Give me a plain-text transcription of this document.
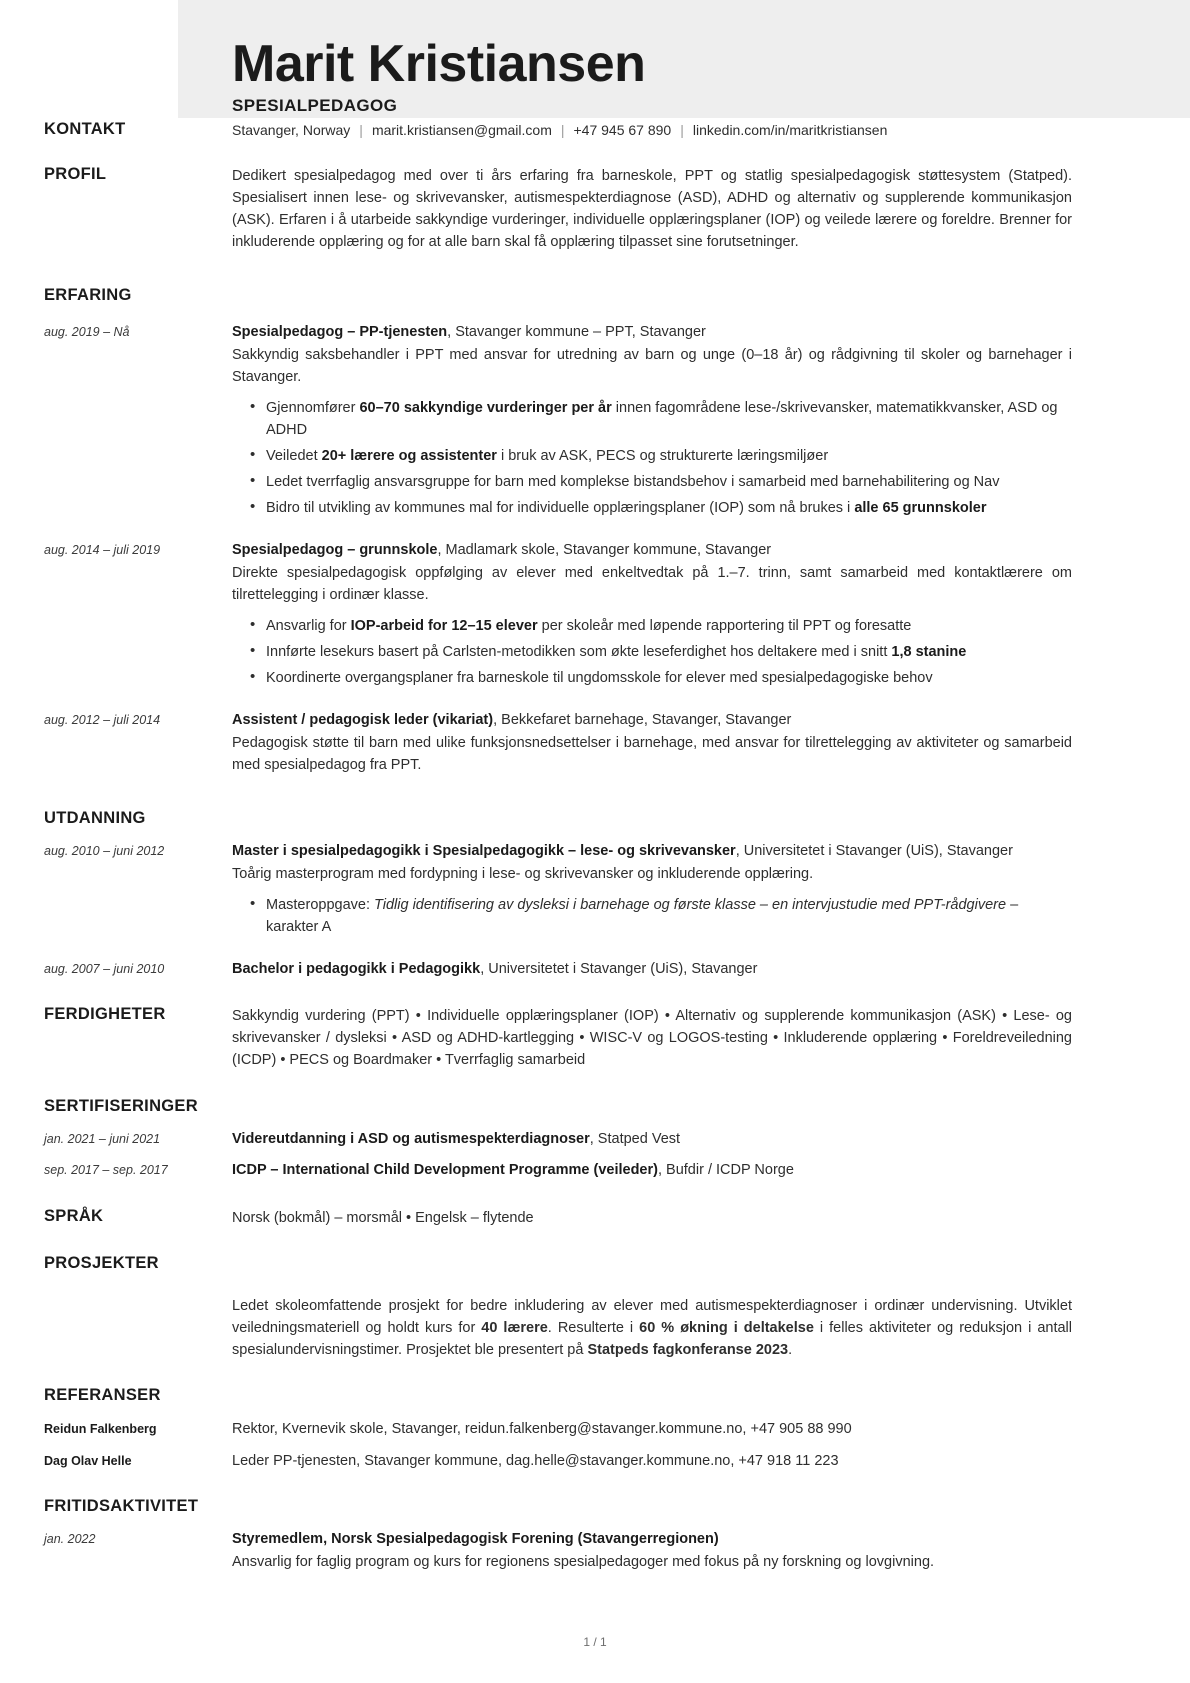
Marit Kristiansen
SPESIALPEDAGOG
KONTAKT	Stavanger, Norway | marit.kristiansen@gmail.com | +47 945 67 890 | linkedin.com/in/maritkristiansen
PROFIL	Dedikert spesialpedagog med over ti års erfaring fra barneskole, PPT og statlig spesialpedagogisk støttesystem (Statped). Spesialisert innen lese- og skrivevansker, autismespekterdiagnose (ASD), ADHD og alternativ og supplerende kommunikasjon (ASK). Erfaren i å utarbeide sakkyndige vurderinger, individuelle opplæringsplaner (IOP) og veilede lærere og foreldre. Brenner for inkluderende opplæring og for at alle barn skal få opplæring tilpasset sine forutsetninger.
ERFARING
aug. 2019 – Nå	Spesialpedagog – PP-tjenesten, Stavanger kommune – PPT, Stavanger
Sakkyndig saksbehandler i PPT med ansvar for utredning av barn og unge (0–18 år) og rådgivning til skoler og barnehager i Stavanger.
• Gjennomfører 60–70 sakkyndige vurderinger per år innen fagområdene lese-/skrivevansker, matematikkvansker, ASD og ADHD
• Veiledet 20+ lærere og assistenter i bruk av ASK, PECS og strukturerte læringsmiljøer
• Ledet tverrfaglig ansvarsgruppe for barn med komplekse bistandsbehov i samarbeid med barnehabilitering og Nav
• Bidro til utvikling av kommunes mal for individuelle opplæringsplaner (IOP) som nå brukes i alle 65 grunnskoler
aug. 2014 – juli 2019	Spesialpedagog – grunnskole, Madlamark skole, Stavanger kommune, Stavanger
Direkte spesialpedagogisk oppfølging av elever med enkeltvedtak på 1.–7. trinn, samt samarbeid med kontaktlærere om tilrettelegging i ordinær klasse.
• Ansvarlig for IOP-arbeid for 12–15 elever per skoleår med løpende rapportering til PPT og foresatte
• Innførte lesekurs basert på Carlsten-metodikken som økte leseferdighet hos deltakere med i snitt 1,8 stanine
• Koordinerte overgangsplaner fra barneskole til ungdomsskole for elever med spesialpedagogiske behov
aug. 2012 – juli 2014	Assistent / pedagogisk leder (vikariat), Bekkefaret barnehage, Stavanger, Stavanger
Pedagogisk støtte til barn med ulike funksjonsnedsettelser i barnehage, med ansvar for tilrettelegging av aktiviteter og samarbeid med spesialpedagog fra PPT.
UTDANNING
aug. 2010 – juni 2012	Master i spesialpedagogikk i Spesialpedagogikk – lese- og skrivevansker, Universitetet i Stavanger (UiS), Stavanger
Toårig masterprogram med fordypning i lese- og skrivevansker og inkluderende opplæring.
• Masteroppgave: Tidlig identifisering av dysleksi i barnehage og første klasse – en intervjustudie med PPT-rådgivere – karakter A
aug. 2007 – juni 2010	Bachelor i pedagogikk i Pedagogikk, Universitetet i Stavanger (UiS), Stavanger
FERDIGHETER	Sakkyndig vurdering (PPT) • Individuelle opplæringsplaner (IOP) • Alternativ og supplerende kommunikasjon (ASK) • Lese- og skrivevansker / dysleksi • ASD og ADHD-kartlegging • WISC-V og LOGOS-testing • Inkluderende opplæring • Foreldreveiledning (ICDP) • PECS og Boardmaker • Tverrfaglig samarbeid
SERTIFISERINGER
jan. 2021 – juni 2021	Videreutdanning i ASD og autismespekterdiagnoser, Statped Vest
sep. 2017 – sep. 2017	ICDP – International Child Development Programme (veileder), Bufdir / ICDP Norge
SPRÅK	Norsk (bokmål) – morsmål • Engelsk – flytende
PROSJEKTER
Ledet skoleomfattende prosjekt for bedre inkludering av elever med autismespekterdiagnoser i ordinær undervisning. Utviklet veiledningsmateriell og holdt kurs for 40 lærere. Resulterte i 60 % økning i deltakelse i felles aktiviteter og reduksjon i antall spesialundervisningstimer. Prosjektet ble presentert på Statpeds fagkonferanse 2023.
REFERANSER
Reidun Falkenberg	Rektor, Kvernevik skole, Stavanger, reidun.falkenberg@stavanger.kommune.no, +47 905 88 990
Dag Olav Helle	Leder PP-tjenesten, Stavanger kommune, dag.helle@stavanger.kommune.no, +47 918 11 223
FRITIDSAKTIVITET
jan. 2022	Styremedlem, Norsk Spesialpedagogisk Forening (Stavangerregionen)
Ansvarlig for faglig program og kurs for regionens spesialpedagoger med fokus på ny forskning og lovgivning.
1 / 1
